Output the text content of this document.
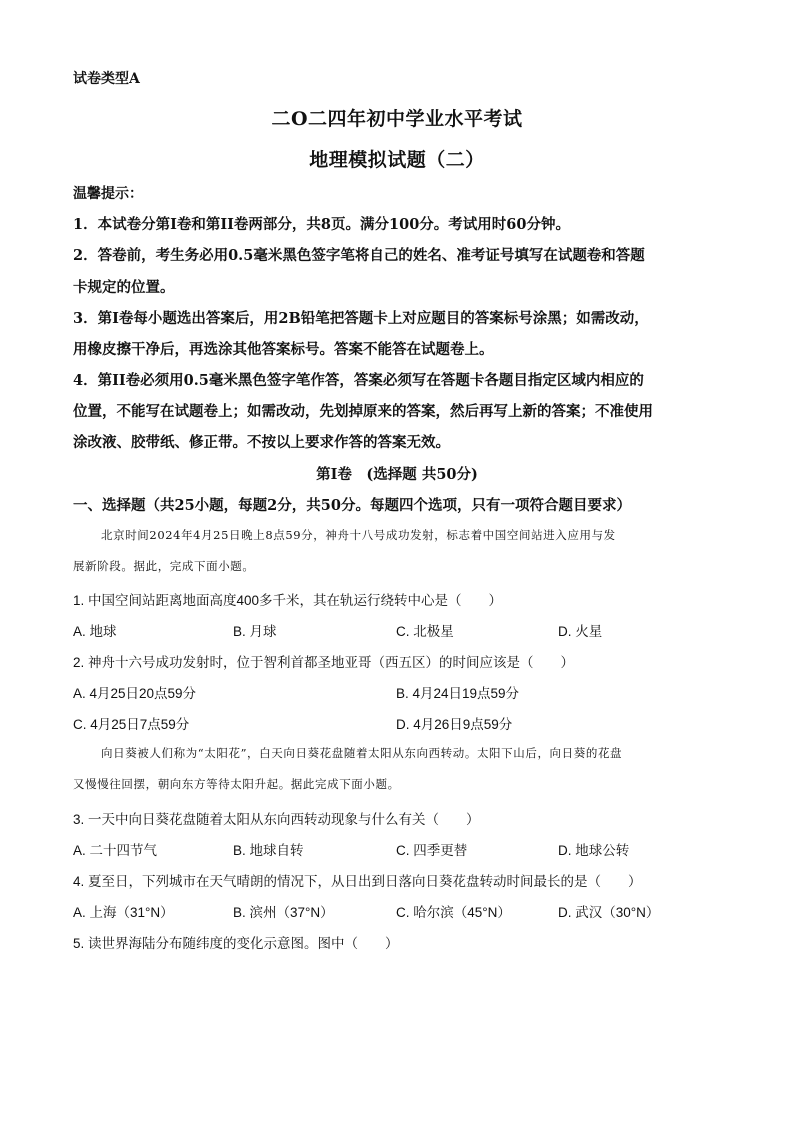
试卷类型A
二O二四年初中学业水平考试
地理模拟试题（二）
温馨提示：
1．本试卷分第Ⅰ卷和第II卷两部分，共8页。满分100分。考试用时60分钟。
2．答卷前，考生务必用0.5毫米黑色签字笔将自己的姓名、准考证号填写在试题卷和答题
卡规定的位置。
3．第Ⅰ卷每小题选出答案后，用2B铅笔把答题卡上对应题目的答案标号涂黑；如需改动，
用橡皮擦干净后，再选涂其他答案标号。答案不能答在试题卷上。
4．第II卷必须用0.5毫米黑色签字笔作答，答案必须写在答题卡各题目指定区域内相应的
位置，不能写在试题卷上；如需改动，先划掉原来的答案，然后再写上新的答案；不准使用
涂改液、胶带纸、修正带。不按以上要求作答的答案无效。
第Ⅰ卷　(选择题 共50分)
一、选择题（共25小题，每题2分，共50分。每题四个选项，只有一项符合题目要求）
北京时间2024年4月25日晚上8点59分，神舟十八号成功发射，标志着中国空间站进入应用与发
展新阶段。据此，完成下面小题。
1. 中国空间站距离地面高度400多千米，其在轨运行绕转中心是（　　）
A. 地球	B. 月球	C. 北极星	D. 火星
2. 神舟十六号成功发射时，位于智利首都圣地亚哥（西五区）的时间应该是（　　）
A. 4月25日20点59分	B. 4月24日19点59分
C. 4月25日7点59分	D. 4月26日9点59分
向日葵被人们称为“太阳花”，白天向日葵花盘随着太阳从东向西转动。太阳下山后，向日葵的花盘
又慢慢往回摆，朝向东方等待太阳升起。据此完成下面小题。
3. 一天中向日葵花盘随着太阳从东向西转动现象与什么有关（　　）
A. 二十四节气	B. 地球自转	C. 四季更替	D. 地球公转
4. 夏至日，下列城市在天气晴朗的情况下，从日出到日落向日葵花盘转动时间最长的是（　　）
A. 上海（31°N）	B. 滨州（37°N）	C. 哈尔滨（45°N）	D. 武汉（30°N）
5. 读世界海陆分布随纬度的变化示意图。图中（　　）
